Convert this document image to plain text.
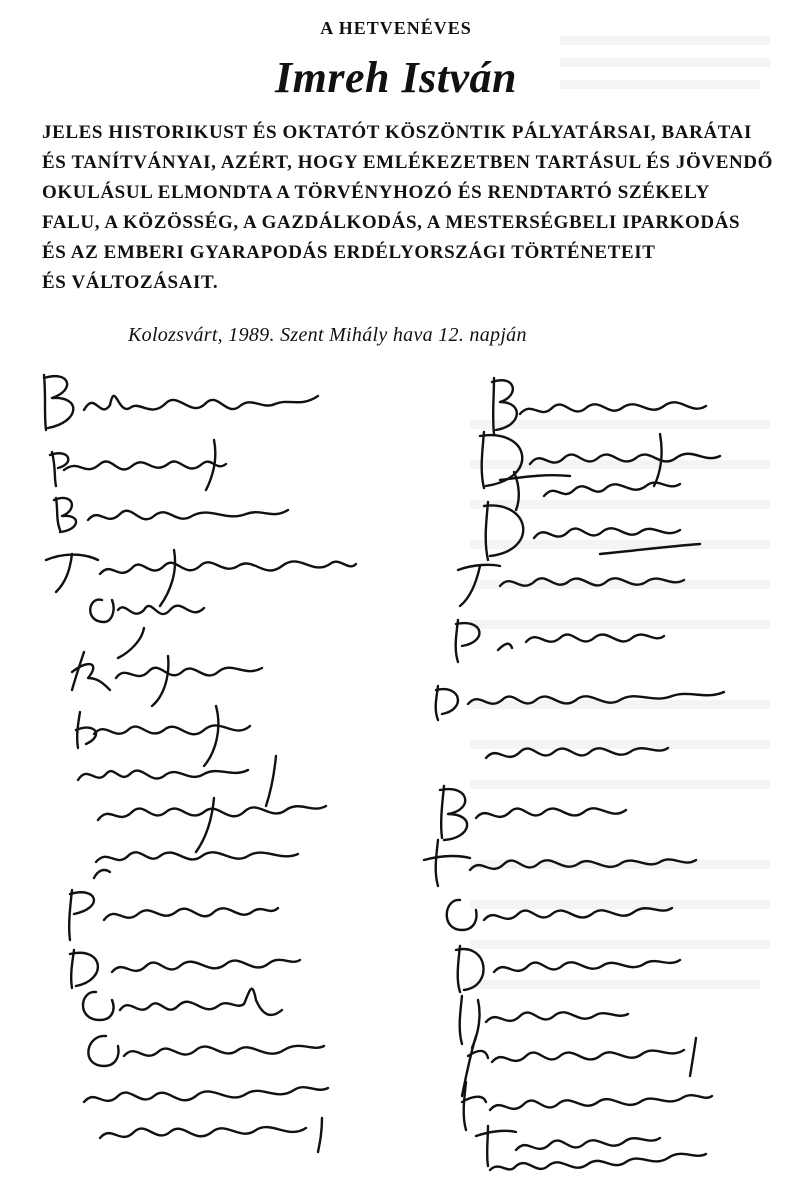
A HETVENÉVES
Imreh István
JELES HISTORIKUST ÉS OKTATÓT KÖSZÖNTIK PÁLYATÁRSAI, BARÁTAI
ÉS TANÍTVÁNYAI, AZÉRT, HOGY EMLÉKEZETBEN TARTÁSUL ÉS JÖVENDŐ
OKULÁSUL ELMONDTA A TÖRVÉNYHOZÓ ÉS RENDTARTÓ SZÉKELY
FALU, A KÖZÖSSÉG, A GAZDÁLKODÁS, A MESTERSÉGBELI IPARKODÁS
ÉS AZ EMBERI GYARAPODÁS ERDÉLYORSZÁGI TÖRTÉNETEIT
ÉS VÁLTOZÁSAIT.
Kolozsvárt, 1989. Szent Mihály hava 12. napján
